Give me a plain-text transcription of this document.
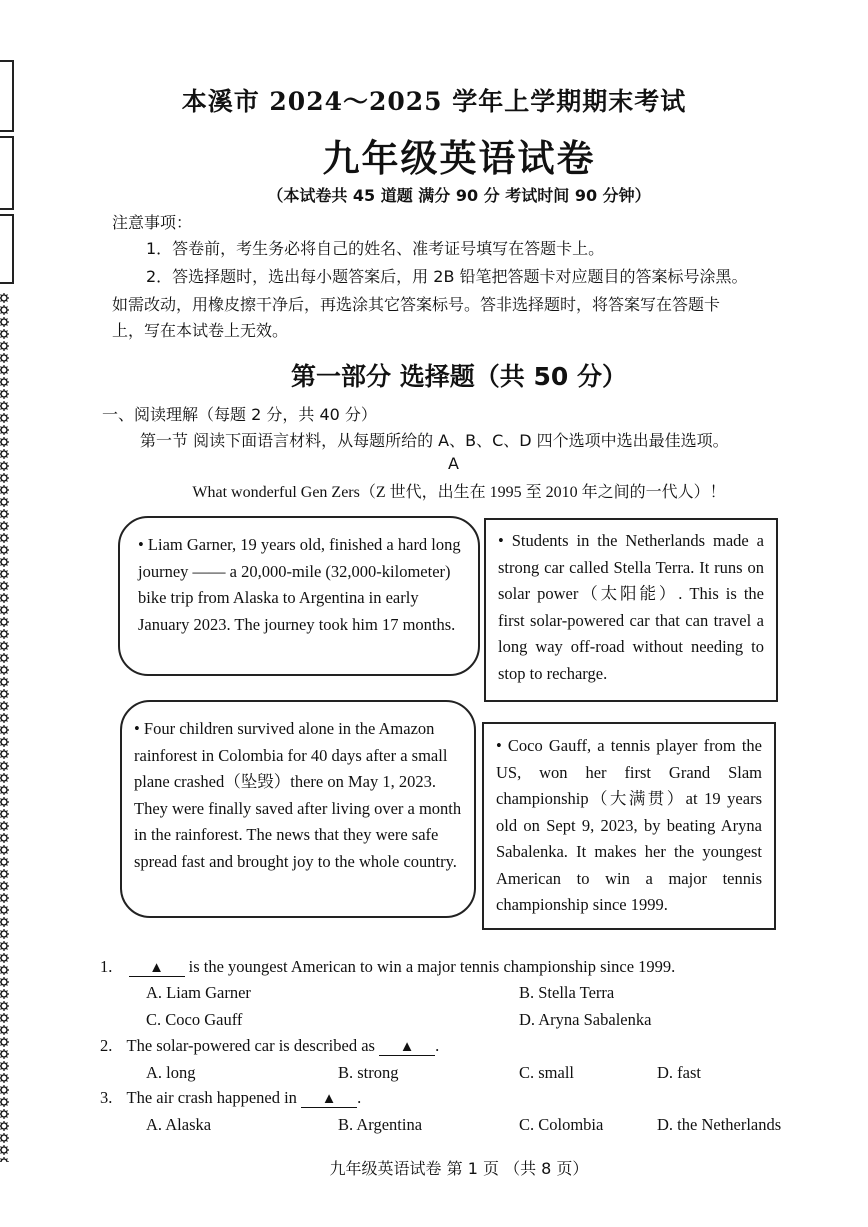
本溪市 2024～2025 学年上学期期末考试
九年级英语试卷
（本试卷共 45 道题 满分 90 分 考试时间 90 分钟）
注意事项：
1．答卷前，考生务必将自己的姓名、准考证号填写在答题卡上。
2．答选择题时，选出每小题答案后，用 2B 铅笔把答题卡对应题目的答案标号涂黑。
如需改动，用橡皮擦干净后，再选涂其它答案标号。答非选择题时，将答案写在答题卡
上，写在本试卷上无效。
第一部分 选择题（共 50 分）
一、阅读理解（每题 2 分，共 40 分）
第一节 阅读下面语言材料，从每题所给的 A、B、C、D 四个选项中选出最佳选项。
A
What wonderful Gen Zers（Z 世代，出生在 1995 至 2010 年之间的一代人）！

• Liam Garner, 19 years old, finished a hard long journey —— a 20,000-mile (32,000-kilometer) bike trip from Alaska to Argentina in early January 2023. The journey took him 17 months.

• Students in the Netherlands made a strong car called Stella Terra. It runs on solar power（太阳能）. This is the first solar-powered car that can travel a long way off-road without needing to stop to recharge.

• Four children survived alone in the Amazon rainforest in Colombia for 40 days after a small plane crashed（坠毁）there on May 1, 2023. They were finally saved after living over a month in the rainforest. The news that they were safe spread fast and brought joy to the whole country.

• Coco Gauff, a tennis player from the US, won her first Grand Slam championship（大满贯）at 19 years old on Sept 9, 2023, by beating Aryna Sabalenka. It makes her the youngest American to win a major tennis championship since 1999.

1. ▲ is the youngest American to win a major tennis championship since 1999.
A. Liam Garner	B. Stella Terra
C. Coco Gauff	D. Aryna Sabalenka
2. The solar-powered car is described as ▲ .
A. long	B. strong	C. small	D. fast
3. The air crash happened in ▲ .
A. Alaska	B. Argentina	C. Colombia	D. the Netherlands
九年级英语试卷 第 1 页 （共 8 页）
